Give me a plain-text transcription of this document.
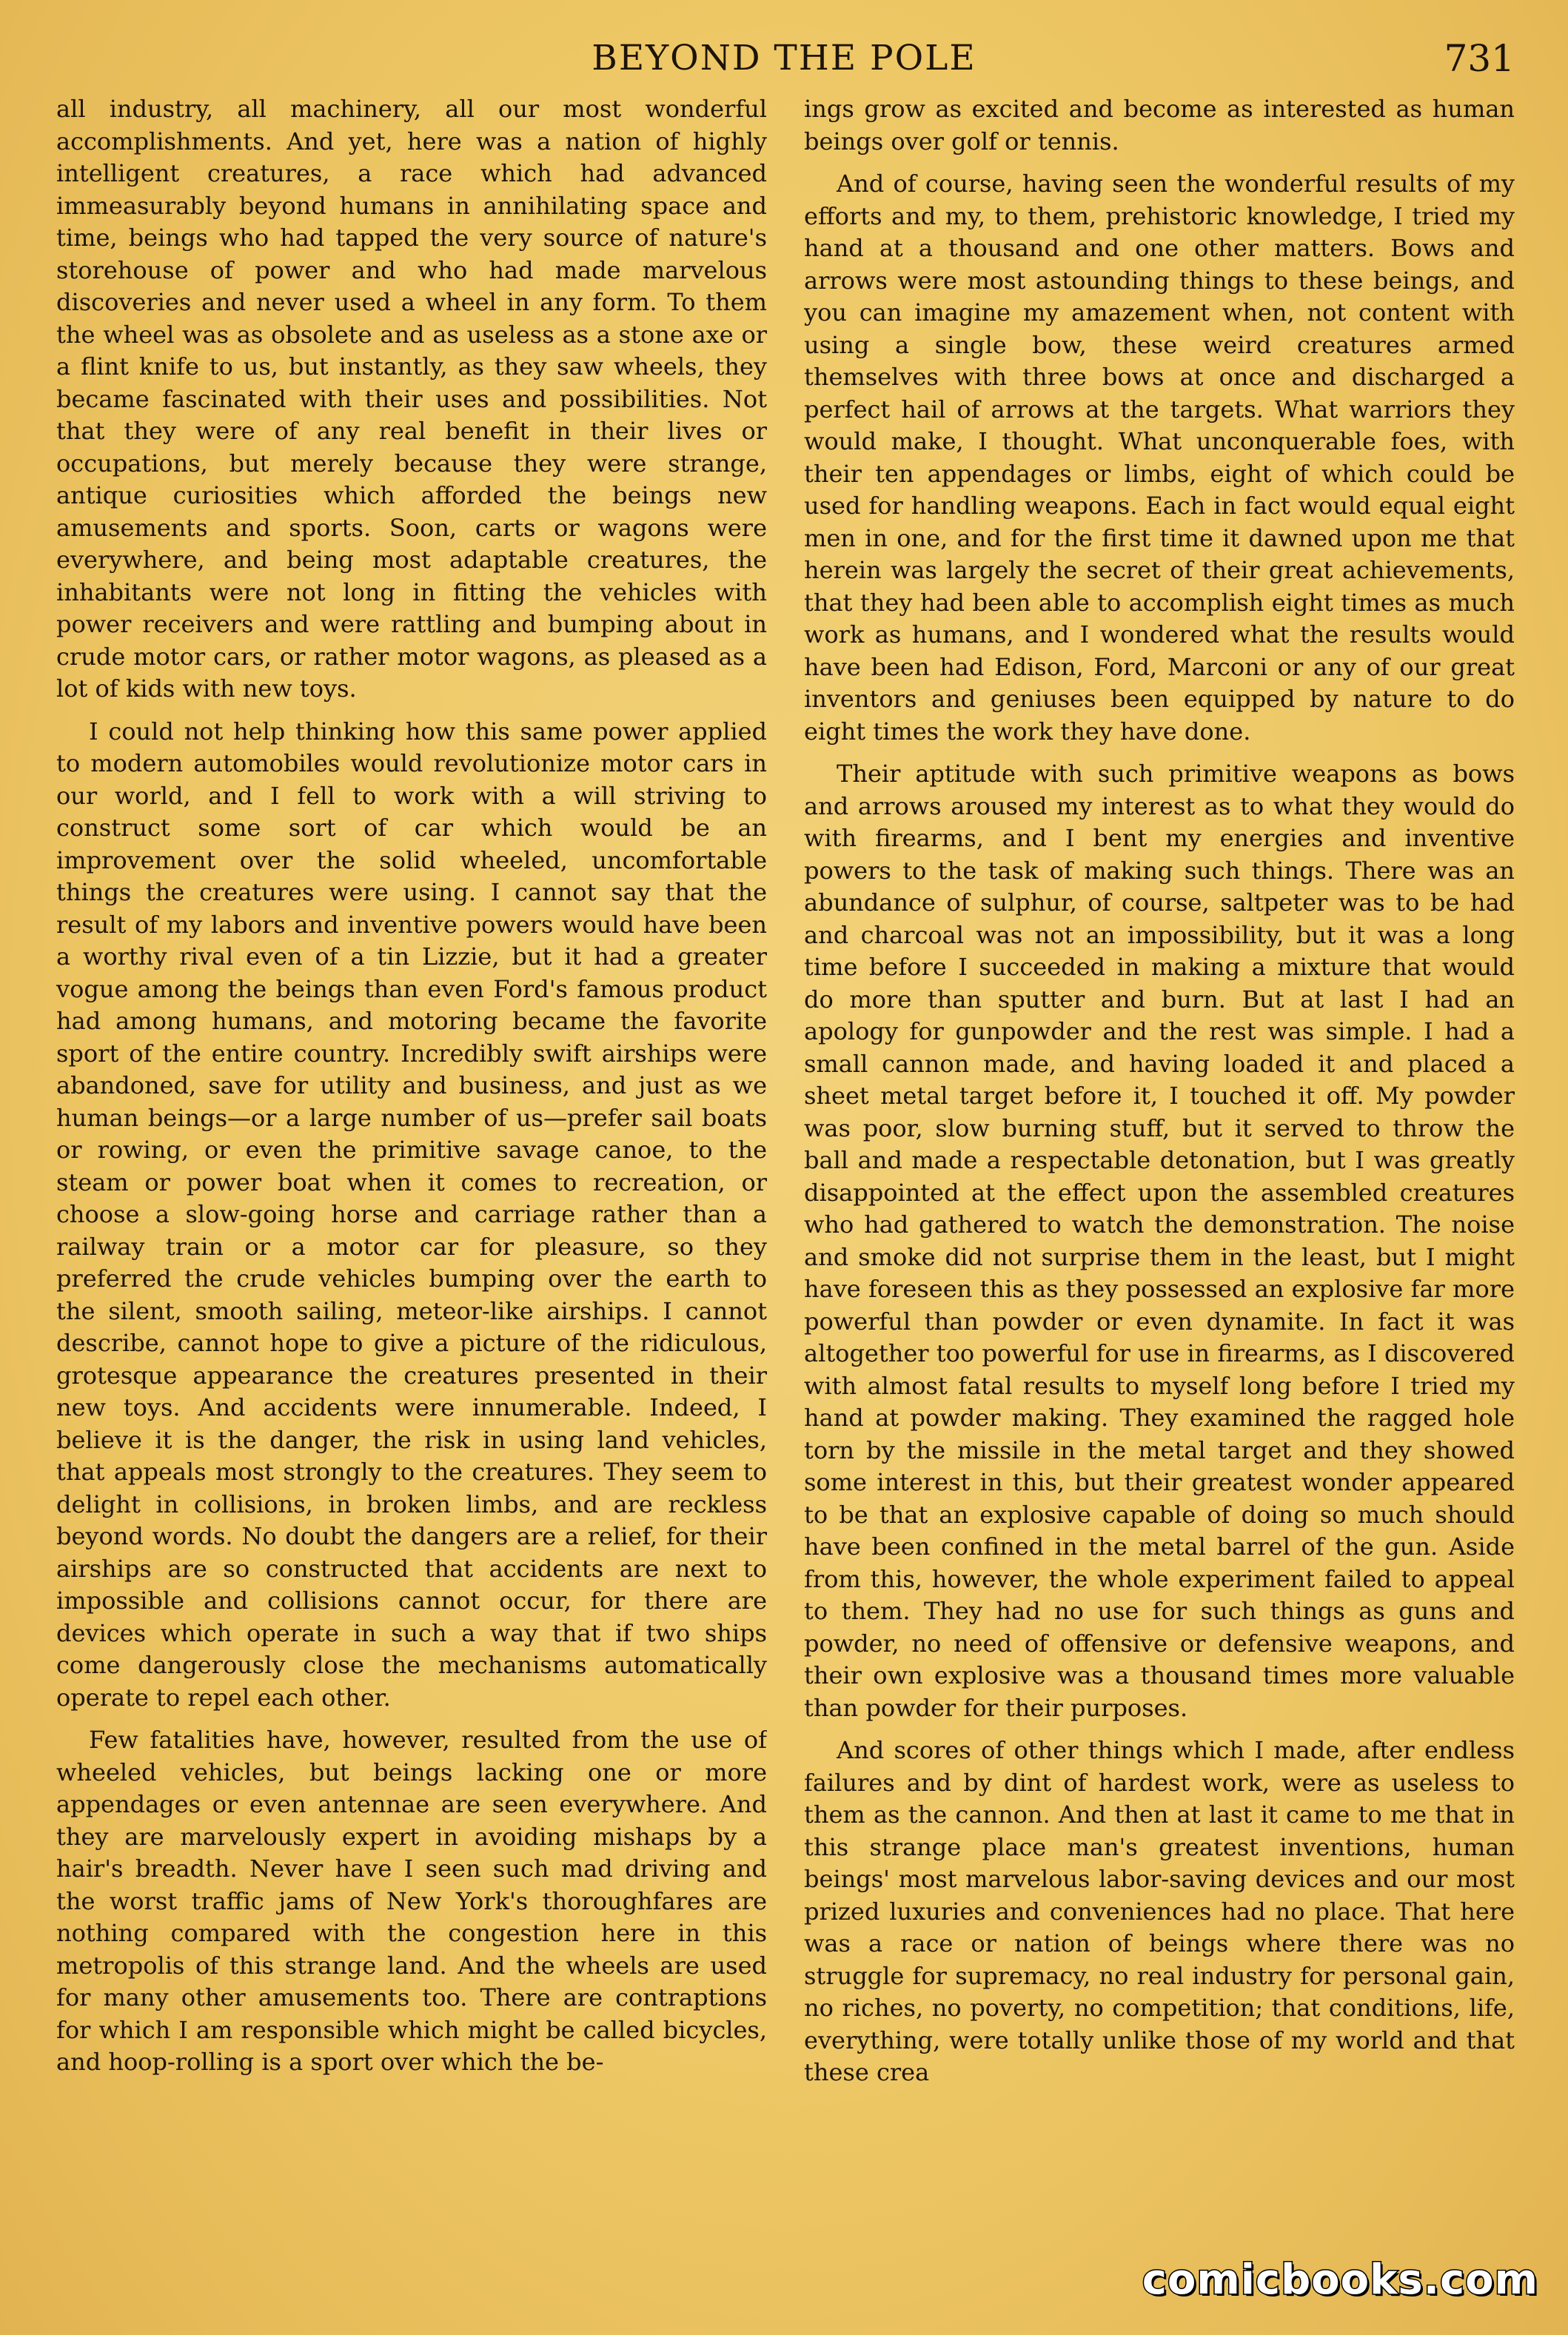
BEYOND THE POLE	731

all industry, all machinery, all our most wonderful accomplishments. And yet, here was a nation of highly intelligent creatures, a race which had advanced immeasurably beyond humans in annihilating space and time, beings who had tapped the very source of nature's storehouse of power and who had made marvelous discoveries and never used a wheel in any form. To them the wheel was as obsolete and as useless as a stone axe or a flint knife to us, but instantly, as they saw wheels, they became fascinated with their uses and possibilities. Not that they were of any real benefit in their lives or occupations, but merely because they were strange, antique curiosities which afforded the beings new amusements and sports. Soon, carts or wagons were everywhere, and being most adaptable creatures, the inhabitants were not long in fitting the vehicles with power receivers and were rattling and bumping about in crude motor cars, or rather motor wagons, as pleased as a lot of kids with new toys.

I could not help thinking how this same power applied to modern automobiles would revolutionize motor cars in our world, and I fell to work with a will striving to construct some sort of car which would be an improvement over the solid wheeled, uncomfortable things the creatures were using. I cannot say that the result of my labors and inventive powers would have been a worthy rival even of a tin Lizzie, but it had a greater vogue among the beings than even Ford's famous product had among humans, and motoring became the favorite sport of the entire country. Incredibly swift airships were abandoned, save for utility and business, and just as we human beings—or a large number of us—prefer sail boats or rowing, or even the primitive savage canoe, to the steam or power boat when it comes to recreation, or choose a slow-going horse and carriage rather than a railway train or a motor car for pleasure, so they preferred the crude vehicles bumping over the earth to the silent, smooth sailing, meteor-like airships. I cannot describe, cannot hope to give a picture of the ridiculous, grotesque appearance the creatures presented in their new toys. And accidents were innumerable. Indeed, I believe it is the danger, the risk in using land vehicles, that appeals most strongly to the creatures. They seem to delight in collisions, in broken limbs, and are reckless beyond words. No doubt the dangers are a relief, for their airships are so constructed that accidents are next to impossible and collisions cannot occur, for there are devices which operate in such a way that if two ships come dangerously close the mechanisms automatically operate to repel each other.

Few fatalities have, however, resulted from the use of wheeled vehicles, but beings lacking one or more appendages or even antennae are seen everywhere. And they are marvelously expert in avoiding mishaps by a hair's breadth. Never have I seen such mad driving and the worst traffic jams of New York's thoroughfares are nothing compared with the congestion here in this metropolis of this strange land. And the wheels are used for many other amusements too. There are contraptions for which I am responsible which might be called bicycles, and hoop-rolling is a sport over which the be-

ings grow as excited and become as interested as human beings over golf or tennis.

And of course, having seen the wonderful results of my efforts and my, to them, prehistoric knowledge, I tried my hand at a thousand and one other matters. Bows and arrows were most astounding things to these beings, and you can imagine my amazement when, not content with using a single bow, these weird creatures armed themselves with three bows at once and discharged a perfect hail of arrows at the targets. What warriors they would make, I thought. What unconquerable foes, with their ten appendages or limbs, eight of which could be used for handling weapons. Each in fact would equal eight men in one, and for the first time it dawned upon me that herein was largely the secret of their great achievements, that they had been able to accomplish eight times as much work as humans, and I wondered what the results would have been had Edison, Ford, Marconi or any of our great inventors and geniuses been equipped by nature to do eight times the work they have done.

Their aptitude with such primitive weapons as bows and arrows aroused my interest as to what they would do with firearms, and I bent my energies and inventive powers to the task of making such things. There was an abundance of sulphur, of course, saltpeter was to be had and charcoal was not an impossibility, but it was a long time before I succeeded in making a mixture that would do more than sputter and burn. But at last I had an apology for gunpowder and the rest was simple. I had a small cannon made, and having loaded it and placed a sheet metal target before it, I touched it off. My powder was poor, slow burning stuff, but it served to throw the ball and made a respectable detonation, but I was greatly disappointed at the effect upon the assembled creatures who had gathered to watch the demonstration. The noise and smoke did not surprise them in the least, but I might have foreseen this as they possessed an explosive far more powerful than powder or even dynamite. In fact it was altogether too powerful for use in firearms, as I discovered with almost fatal results to myself long before I tried my hand at powder making. They examined the ragged hole torn by the missile in the metal target and they showed some interest in this, but their greatest wonder appeared to be that an explosive capable of doing so much should have been confined in the metal barrel of the gun. Aside from this, however, the whole experiment failed to appeal to them. They had no use for such things as guns and powder, no need of offensive or defensive weapons, and their own explosive was a thousand times more valuable than powder for their purposes.

And scores of other things which I made, after endless failures and by dint of hardest work, were as useless to them as the cannon. And then at last it came to me that in this strange place man's greatest inventions, human beings' most marvelous labor-saving devices and our most prized luxuries and conveniences had no place. That here was a race or nation of beings where there was no struggle for supremacy, no real industry for personal gain, no riches, no poverty, no competition; that conditions, life, everything, were totally unlike those of my world and that these crea

comicbooks.com
